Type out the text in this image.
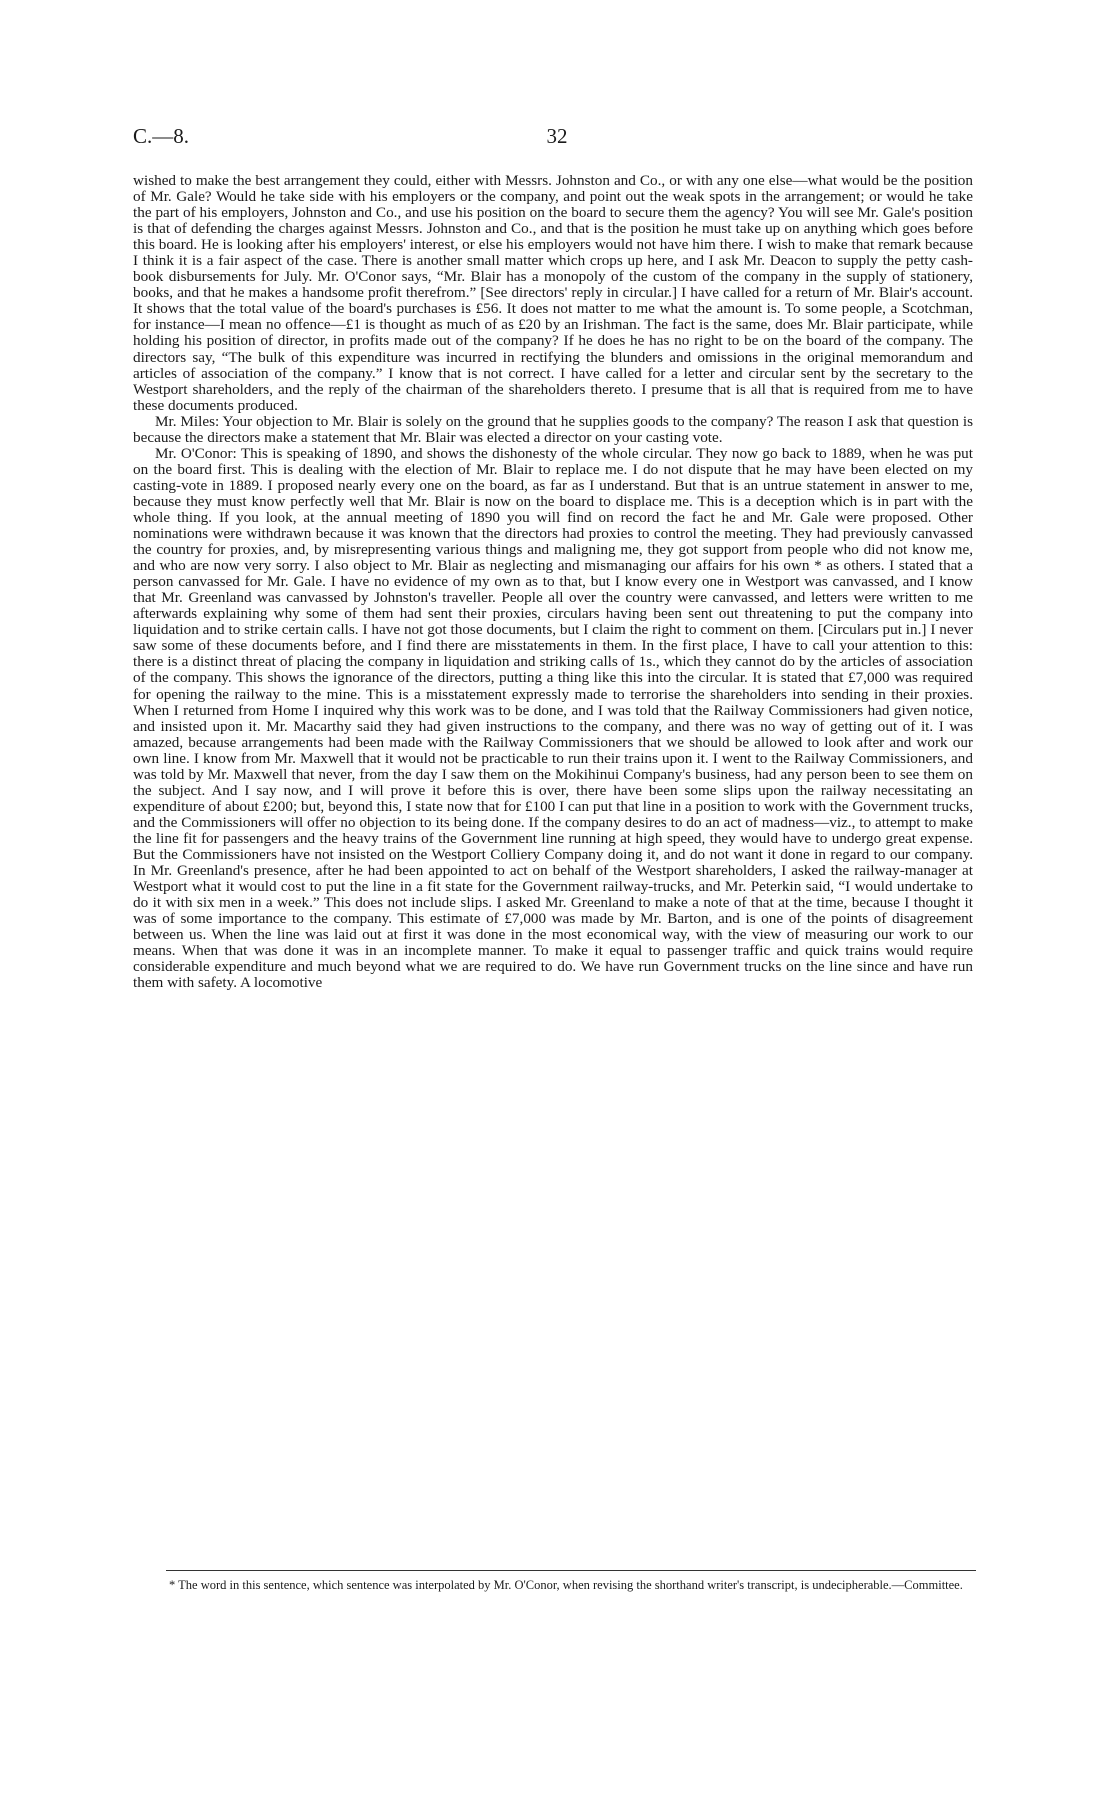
C.—8.	32

wished to make the best arrangement they could, either with Messrs. Johnston and Co., or with any one else—what would be the position of Mr. Gale? Would he take side with his employers or the company, and point out the weak spots in the arrangement; or would he take the part of his employers, Johnston and Co., and use his position on the board to secure them the agency? You will see Mr. Gale's position is that of defending the charges against Messrs. Johnston and Co., and that is the position he must take up on anything which goes before this board. He is looking after his employers' interest, or else his employers would not have him there. I wish to make that remark because I think it is a fair aspect of the case. There is another small matter which crops up here, and I ask Mr. Deacon to supply the petty cash-book disbursements for July. Mr. O'Conor says, “Mr. Blair has a monopoly of the custom of the company in the supply of stationery, books, and that he makes a handsome profit therefrom.” [See directors' reply in circular.] I have called for a return of Mr. Blair's account. It shows that the total value of the board's purchases is £56. It does not matter to me what the amount is. To some people, a Scotchman, for instance—I mean no offence—£1 is thought as much of as £20 by an Irishman. The fact is the same, does Mr. Blair participate, while holding his position of director, in profits made out of the company? If he does he has no right to be on the board of the company. The directors say, “The bulk of this expenditure was incurred in rectifying the blunders and omissions in the original memorandum and articles of association of the company.” I know that is not correct. I have called for a letter and circular sent by the secretary to the Westport shareholders, and the reply of the chairman of the shareholders thereto. I presume that is all that is required from me to have these documents produced.

Mr. Miles: Your objection to Mr. Blair is solely on the ground that he supplies goods to the company? The reason I ask that question is because the directors make a statement that Mr. Blair was elected a director on your casting vote.

Mr. O'Conor: This is speaking of 1890, and shows the dishonesty of the whole circular. They now go back to 1889, when he was put on the board first. This is dealing with the election of Mr. Blair to replace me. I do not dispute that he may have been elected on my casting-vote in 1889. I proposed nearly every one on the board, as far as I understand. But that is an untrue statement in answer to me, because they must know perfectly well that Mr. Blair is now on the board to displace me. This is a deception which is in part with the whole thing. If you look, at the annual meeting of 1890 you will find on record the fact he and Mr. Gale were proposed. Other nominations were withdrawn because it was known that the directors had proxies to control the meeting. They had previously canvassed the country for proxies, and, by misrepresenting various things and maligning me, they got support from people who did not know me, and who are now very sorry. I also object to Mr. Blair as neglecting and mismanaging our affairs for his own * as others. I stated that a person canvassed for Mr. Gale. I have no evidence of my own as to that, but I know every one in Westport was canvassed, and I know that Mr. Greenland was canvassed by Johnston's traveller. People all over the country were canvassed, and letters were written to me afterwards explaining why some of them had sent their proxies, circulars having been sent out threatening to put the company into liquidation and to strike certain calls. I have not got those documents, but I claim the right to comment on them. [Circulars put in.] I never saw some of these documents before, and I find there are misstatements in them. In the first place, I have to call your attention to this: there is a distinct threat of placing the company in liquidation and striking calls of 1s., which they cannot do by the articles of association of the company. This shows the ignorance of the directors, putting a thing like this into the circular. It is stated that £7,000 was required for opening the railway to the mine. This is a misstatement expressly made to terrorise the shareholders into sending in their proxies. When I returned from Home I inquired why this work was to be done, and I was told that the Railway Commissioners had given notice, and insisted upon it. Mr. Macarthy said they had given instructions to the company, and there was no way of getting out of it. I was amazed, because arrangements had been made with the Railway Commissioners that we should be allowed to look after and work our own line. I know from Mr. Maxwell that it would not be practicable to run their trains upon it. I went to the Railway Commissioners, and was told by Mr. Maxwell that never, from the day I saw them on the Mokihinui Company's business, had any person been to see them on the subject. And I say now, and I will prove it before this is over, there have been some slips upon the railway necessitating an expenditure of about £200; but, beyond this, I state now that for £100 I can put that line in a position to work with the Government trucks, and the Commissioners will offer no objection to its being done. If the company desires to do an act of madness—viz., to attempt to make the line fit for passengers and the heavy trains of the Government line running at high speed, they would have to undergo great expense. But the Commissioners have not insisted on the Westport Colliery Company doing it, and do not want it done in regard to our company. In Mr. Greenland's presence, after he had been appointed to act on behalf of the Westport shareholders, I asked the railway-manager at Westport what it would cost to put the line in a fit state for the Government railway-trucks, and Mr. Peterkin said, “I would undertake to do it with six men in a week.” This does not include slips. I asked Mr. Greenland to make a note of that at the time, because I thought it was of some importance to the company. This estimate of £7,000 was made by Mr. Barton, and is one of the points of disagreement between us. When the line was laid out at first it was done in the most economical way, with the view of measuring our work to our means. When that was done it was in an incomplete manner. To make it equal to passenger traffic and quick trains would require considerable expenditure and much beyond what we are required to do. We have run Government trucks on the line since and have run them with safety. A locomotive

* The word in this sentence, which sentence was interpolated by Mr. O'Conor, when revising the shorthand writer's transcript, is undecipherable.—Committee.
